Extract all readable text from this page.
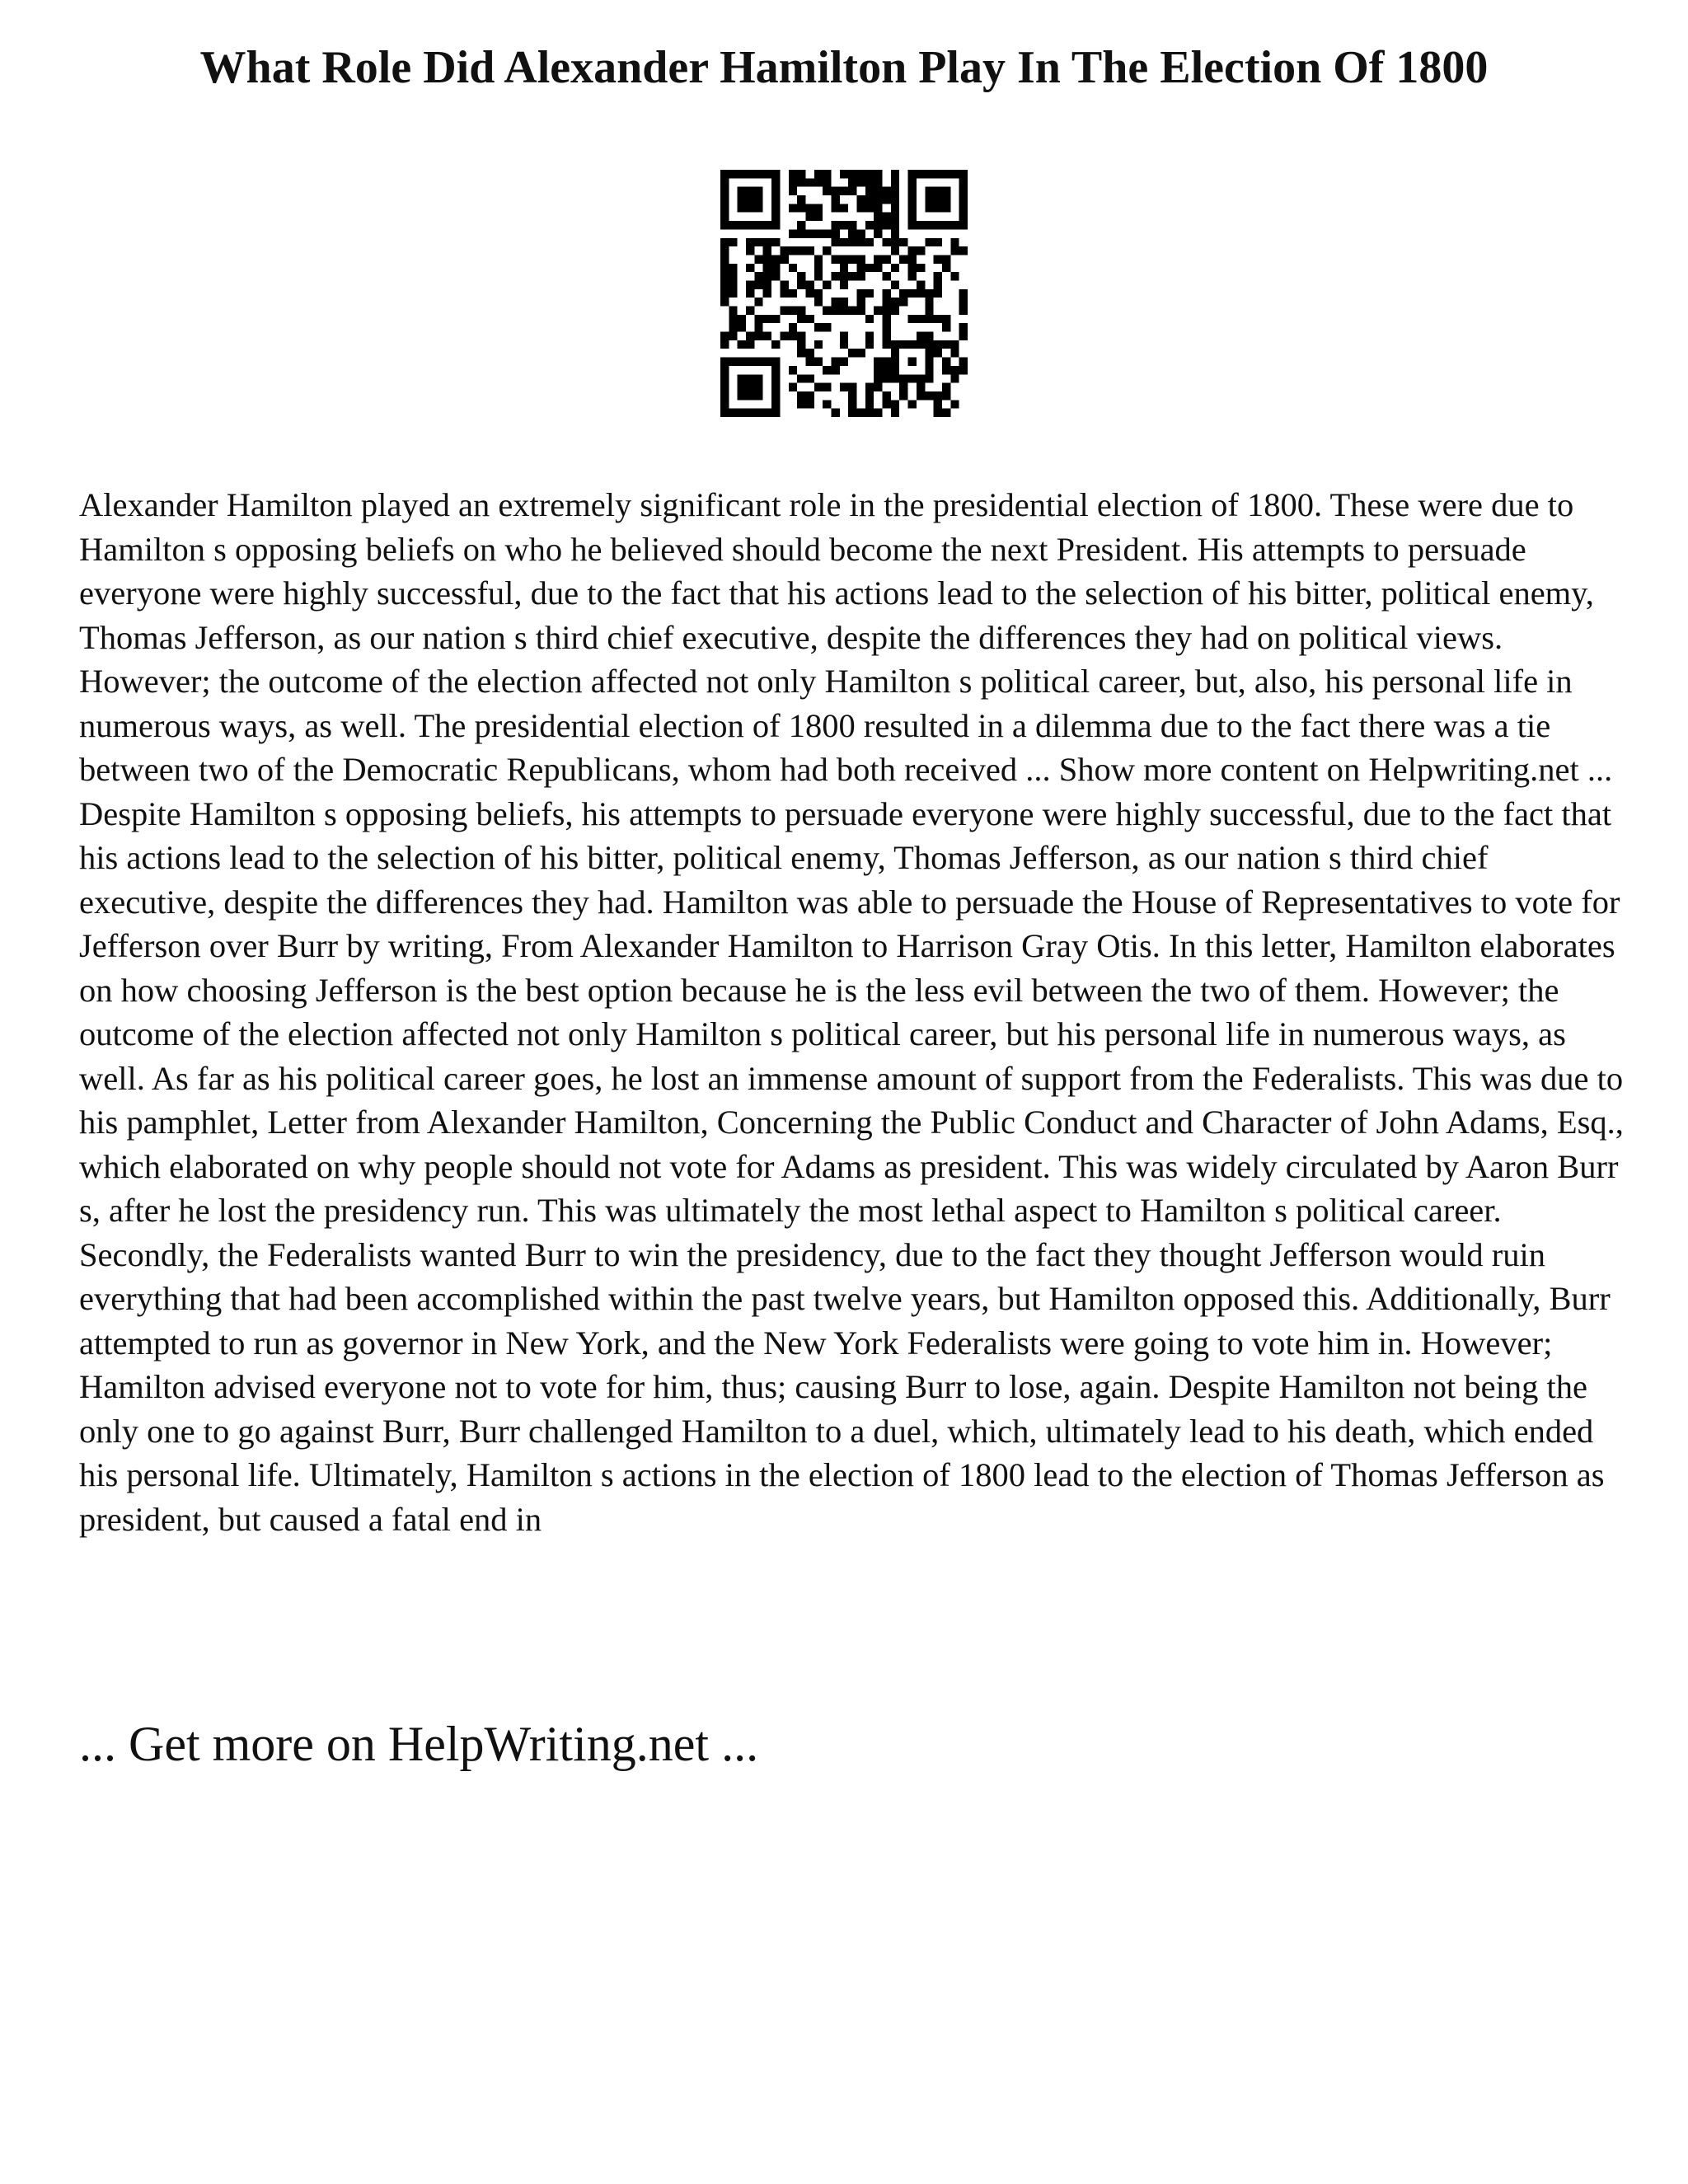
What Role Did Alexander Hamilton Play In The Election Of 1800

Alexander Hamilton played an extremely significant role in the presidential election of 1800. These were due to Hamilton s opposing beliefs on who he believed should become the next President. His attempts to persuade everyone were highly successful, due to the fact that his actions lead to the selection of his bitter, political enemy, Thomas Jefferson, as our nation s third chief executive, despite the differences they had on political views. However; the outcome of the election affected not only Hamilton s political career, but, also, his personal life in numerous ways, as well. The presidential election of 1800 resulted in a dilemma due to the fact there was a tie between two of the Democratic Republicans, whom had both received ... Show more content on Helpwriting.net ...

Despite Hamilton s opposing beliefs, his attempts to persuade everyone were highly successful, due to the fact that his actions lead to the selection of his bitter, political enemy, Thomas Jefferson, as our nation s third chief executive, despite the differences they had. Hamilton was able to persuade the House of Representatives to vote for Jefferson over Burr by writing, From Alexander Hamilton to Harrison Gray Otis. In this letter, Hamilton elaborates on how choosing Jefferson is the best option because he is the less evil between the two of them. However; the outcome of the election affected not only Hamilton s political career, but his personal life in numerous ways, as well. As far as his political career goes, he lost an immense amount of support from the Federalists. This was due to his pamphlet, Letter from Alexander Hamilton, Concerning the Public Conduct and Character of John Adams, Esq., which elaborated on why people should not vote for Adams as president. This was widely circulated by Aaron Burr s, after he lost the presidency run. This was ultimately the most lethal aspect to Hamilton s political career. Secondly, the Federalists wanted Burr to win the presidency, due to the fact they thought Jefferson would ruin everything that had been accomplished within the past twelve years, but Hamilton opposed this. Additionally, Burr attempted to run as governor in New York, and the New York Federalists were going to vote him in. However; Hamilton advised everyone not to vote for him, thus; causing Burr to lose, again. Despite Hamilton not being the only one to go against Burr, Burr challenged Hamilton to a duel, which, ultimately lead to his death, which ended his personal life. Ultimately, Hamilton s actions in the election of 1800 lead to the election of Thomas Jefferson as president, but caused a fatal end in

... Get more on HelpWriting.net ...
